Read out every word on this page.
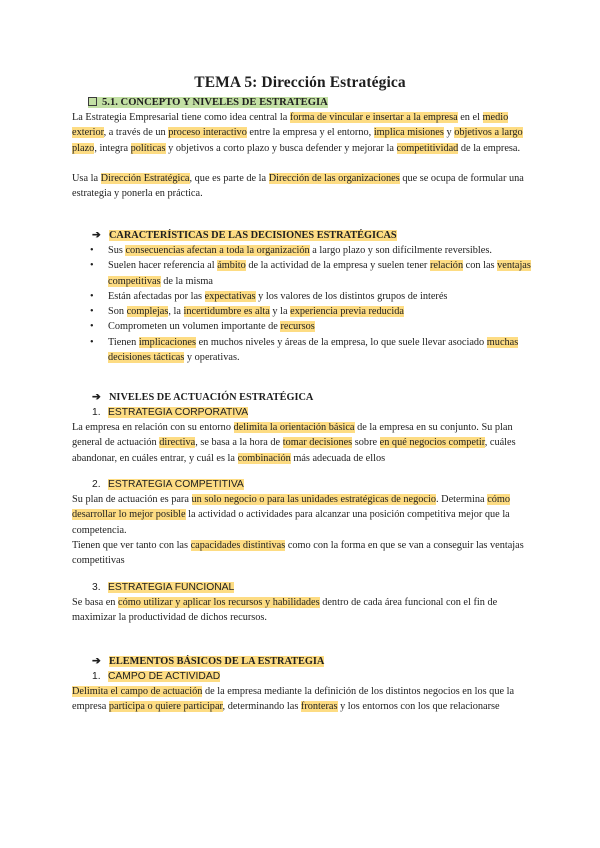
TEMA 5: Dirección Estratégica
5.1. CONCEPTO Y NIVELES DE ESTRATEGIA

La Estrategia Empresarial tiene como idea central la forma de vincular e insertar a la empresa en el medio exterior, a través de un proceso interactivo entre la empresa y el entorno, implica misiones y objetivos a largo plazo, integra políticas y objetivos a corto plazo y busca defender y mejorar la competitividad de la empresa.

Usa la Dirección Estratégica, que es parte de la Dirección de las organizaciones que se ocupa de formular una estrategia y ponerla en práctica.

➔ CARACTERÍSTICAS DE LAS DECISIONES ESTRATÉGICAS
• Sus consecuencias afectan a toda la organización a largo plazo y son difícilmente reversibles.
• Suelen hacer referencia al ámbito de la actividad de la empresa y suelen tener relación con las ventajas competitivas de la misma
• Están afectadas por las expectativas y los valores de los distintos grupos de interés
• Son complejas, la incertidumbre es alta y la experiencia previa reducida
• Comprometen un volumen importante de recursos
• Tienen implicaciones en muchos niveles y áreas de la empresa, lo que suele llevar asociado muchas decisiones tácticas y operativas.
➔ NIVELES DE ACTUACIÓN ESTRATÉGICA
1. ESTRATEGIA CORPORATIVA

La empresa en relación con su entorno delimita la orientación básica de la empresa en su conjunto. Su plan general de actuación directiva, se basa a la hora de tomar decisiones sobre en qué negocios competir, cuáles abandonar, en cuáles entrar, y cuál es la combinación más adecuada de ellos

2. ESTRATEGIA COMPETITIVA

Su plan de actuación es para un solo negocio o para las unidades estratégicas de negocio. Determina cómo desarrollar lo mejor posible la actividad o actividades para alcanzar una posición competitiva mejor que la competencia.

Tienen que ver tanto con las capacidades distintivas como con la forma en que se van a conseguir las ventajas competitivas

3. ESTRATEGIA FUNCIONAL

Se basa en cómo utilizar y aplicar los recursos y habilidades dentro de cada área funcional con el fin de maximizar la productividad de dichos recursos.

➔ ELEMENTOS BÁSICOS DE LA ESTRATEGIA
1. CAMPO DE ACTIVIDAD

Delimita el campo de actuación de la empresa mediante la definición de los distintos negocios en los que la empresa participa o quiere participar, determinando las fronteras y los entornos con los que relacionarse
